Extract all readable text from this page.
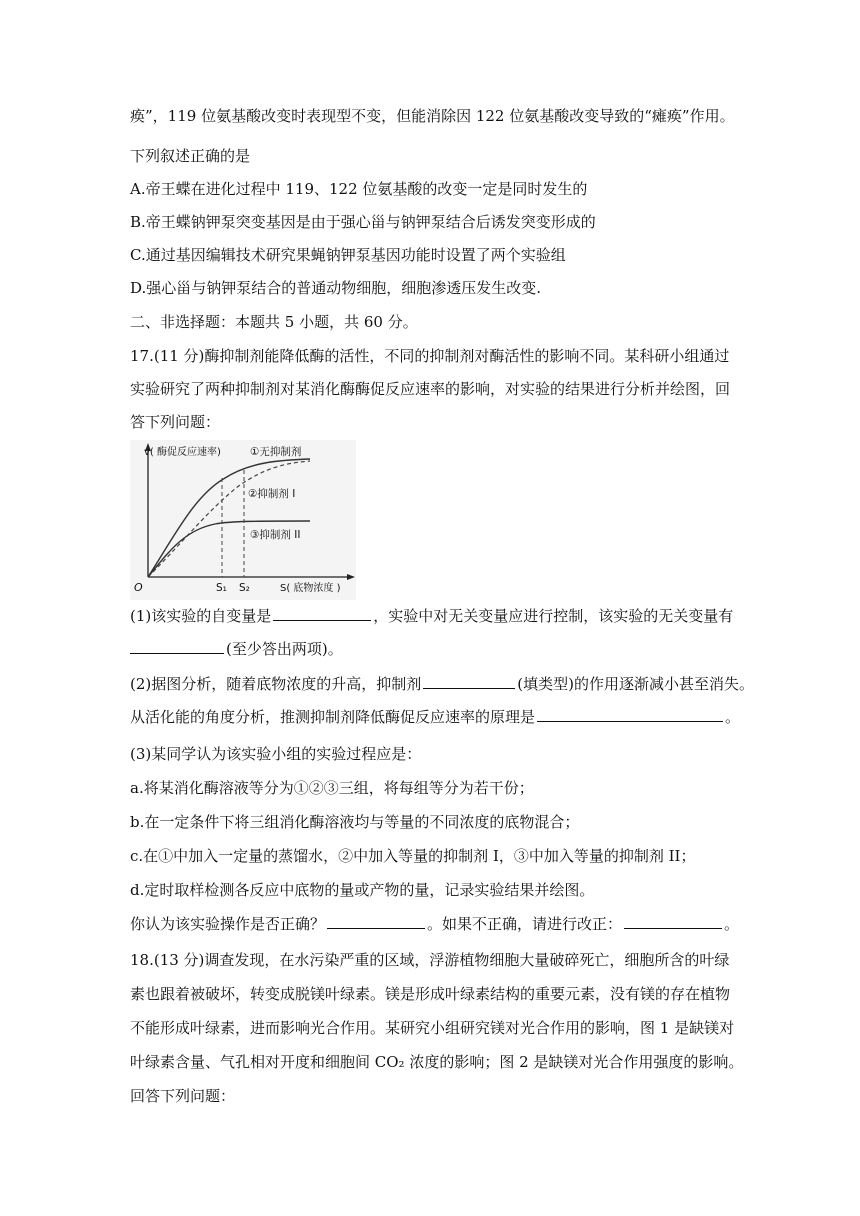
痪”，119 位氨基酸改变时表现型不变，但能消除因 122 位氨基酸改变导致的“瘫痪”作用。
下列叙述正确的是
A.帝王蝶在进化过程中 119、122 位氨基酸的改变一定是同时发生的
B.帝王蝶钠钾泵突变基因是由于强心甾与钠钾泵结合后诱发突变形成的
C.通过基因编辑技术研究果蝇钠钾泵基因功能时设置了两个实验组
D.强心甾与钠钾泵结合的普通动物细胞，细胞渗透压发生改变.
二、非选择题：本题共 5 小题，共 60 分。
17.(11 分)酶抑制剂能降低酶的活性，不同的抑制剂对酶活性的影响不同。某科研小组通过
实验研究了两种抑制剂对某消化酶酶促反应速率的影响，对实验的结果进行分析并绘图，回
答下列问题：
v( 酶促反应速率)	①无抑制剂
②抑制剂 I
③抑制剂 II
O	S₁ S₂	S( 底物浓度 )
(1)该实验的自变量是	，实验中对无关变量应进行控制，该实验的无关变量有
(至少答出两项)。
(2)据图分析，随着底物浓度的升高，抑制剂	(填类型)的作用逐渐减小甚至消失。
从活化能的角度分析，推测抑制剂降低酶促反应速率的原理是	。
(3)某同学认为该实验小组的实验过程应是：
a.将某消化酶溶液等分为①②③三组，将每组等分为若干份；
b.在一定条件下将三组消化酶溶液均与等量的不同浓度的底物混合；
c.在①中加入一定量的蒸馏水，②中加入等量的抑制剂 I，③中加入等量的抑制剂 II；
d.定时取样检测各反应中底物的量或产物的量，记录实验结果并绘图。
你认为该实验操作是否正确？	。如果不正确，请进行改正：	。
18.(13 分)调查发现，在水污染严重的区域，浮游植物细胞大量破碎死亡，细胞所含的叶绿
素也跟着被破坏，转变成脱镁叶绿素。镁是形成叶绿素结构的重要元素，没有镁的存在植物
不能形成叶绿素，进而影响光合作用。某研究小组研究镁对光合作用的影响，图 1 是缺镁对
叶绿素含量、气孔相对开度和细胞间 CO₂ 浓度的影响；图 2 是缺镁对光合作用强度的影响。
回答下列问题：
